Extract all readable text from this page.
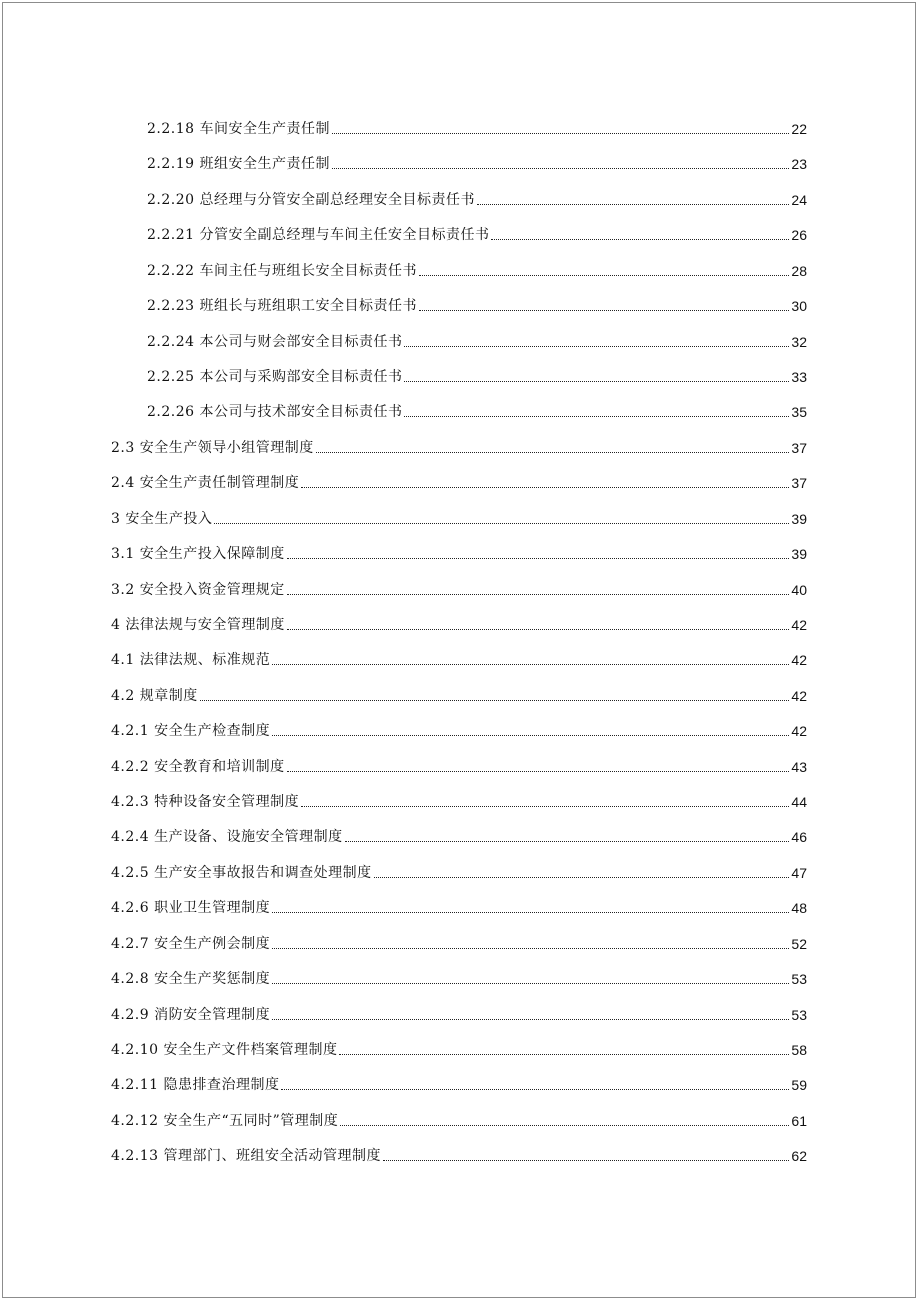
2.2.18 车间安全生产责任制	22
2.2.19 班组安全生产责任制	23
2.2.20 总经理与分管安全副总经理安全目标责任书	24
2.2.21 分管安全副总经理与车间主任安全目标责任书	26
2.2.22 车间主任与班组长安全目标责任书	28
2.2.23 班组长与班组职工安全目标责任书	30
2.2.24 本公司与财会部安全目标责任书	32
2.2.25 本公司与采购部安全目标责任书	33
2.2.26 本公司与技术部安全目标责任书	35
2.3 安全生产领导小组管理制度	37
2.4 安全生产责任制管理制度	37
3 安全生产投入	39
3.1 安全生产投入保障制度	39
3.2 安全投入资金管理规定	40
4 法律法规与安全管理制度	42
4.1 法律法规、标准规范	42
4.2 规章制度	42
4.2.1 安全生产检查制度	42
4.2.2 安全教育和培训制度	43
4.2.3 特种设备安全管理制度	44
4.2.4 生产设备、设施安全管理制度	46
4.2.5 生产安全事故报告和调查处理制度	47
4.2.6 职业卫生管理制度	48
4.2.7 安全生产例会制度	52
4.2.8 安全生产奖惩制度	53
4.2.9 消防安全管理制度	53
4.2.10 安全生产文件档案管理制度	58
4.2.11 隐患排查治理制度	59
4.2.12 安全生产“五同时”管理制度	61
4.2.13 管理部门、班组安全活动管理制度	62
